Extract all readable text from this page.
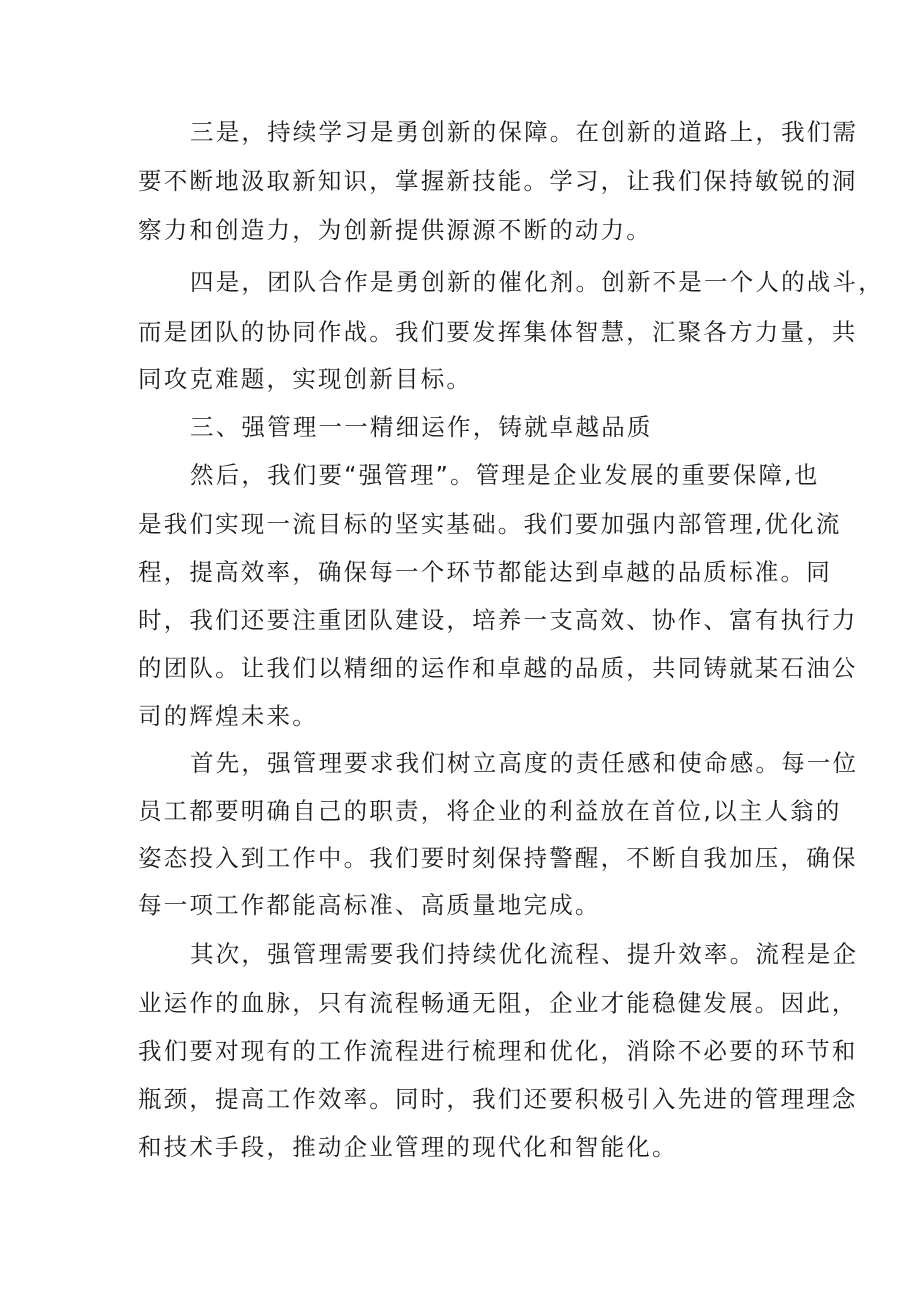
三是，持续学习是勇创新的保障。在创新的道路上，我们需
要不断地汲取新知识，掌握新技能。学习，让我们保持敏锐的洞
察力和创造力，为创新提供源源不断的动力。
四是，团队合作是勇创新的催化剂。创新不是一个人的战斗，
而是团队的协同作战。我们要发挥集体智慧，汇聚各方力量，共
同攻克难题，实现创新目标。
三、强管理一一精细运作，铸就卓越品质
然后，我们要“强管理”。管理是企业发展的重要保障,也
是我们实现一流目标的坚实基础。我们要加强内部管理,优化流
程，提高效率，确保每一个环节都能达到卓越的品质标准。同
时，我们还要注重团队建设，培养一支高效、协作、富有执行力
的团队。让我们以精细的运作和卓越的品质，共同铸就某石油公
司的辉煌未来。
首先，强管理要求我们树立高度的责任感和使命感。每一位
员工都要明确自己的职责，将企业的利益放在首位,以主人翁的
姿态投入到工作中。我们要时刻保持警醒，不断自我加压，确保
每一项工作都能高标准、高质量地完成。
其次，强管理需要我们持续优化流程、提升效率。流程是企
业运作的血脉，只有流程畅通无阻，企业才能稳健发展。因此，
我们要对现有的工作流程进行梳理和优化，消除不必要的环节和
瓶颈，提高工作效率。同时，我们还要积极引入先进的管理理念
和技术手段，推动企业管理的现代化和智能化。
